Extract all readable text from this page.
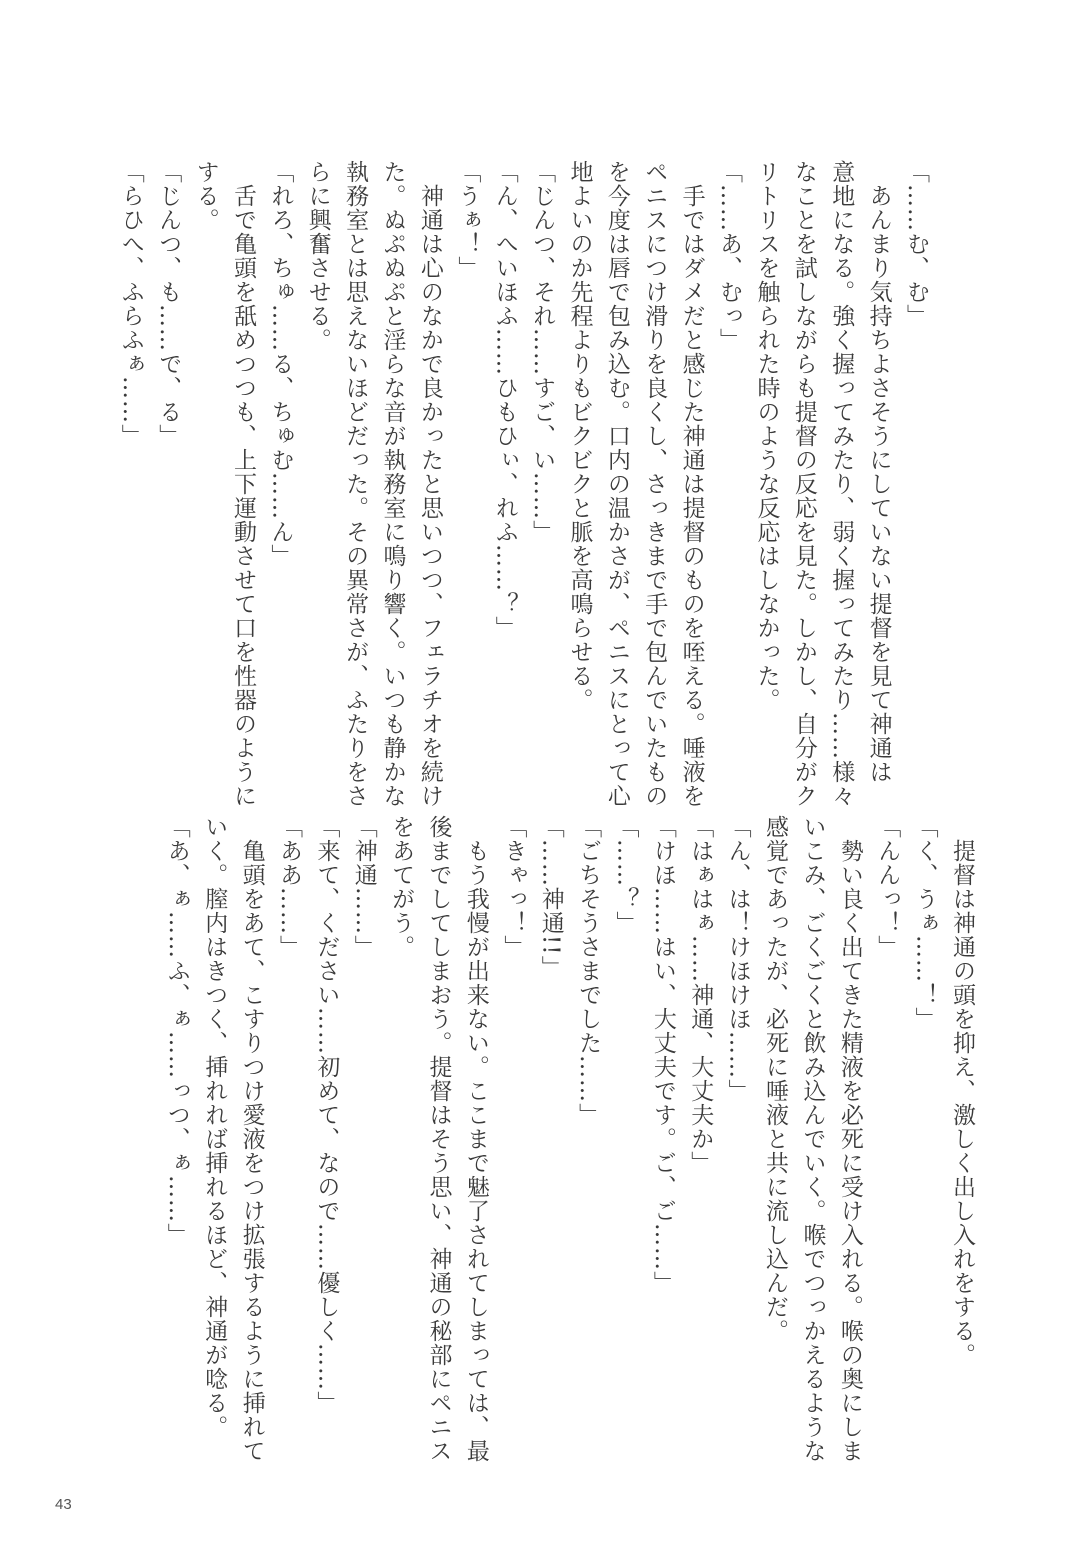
「……む、む」
あんまり気持ちよさそうにしていない提督を見て神通は
意地になる。強く握ってみたり、弱く握ってみたり……様々
なことを試しながらも提督の反応を見た。しかし、自分がク
リトリスを触られた時のような反応はしなかった。
「……あ、むっ」
手ではダメだと感じた神通は提督のものを咥える。唾液を
ペニスにつけ滑りを良くし、さっきまで手で包んでいたもの
を今度は唇で包み込む。口内の温かさが、ペニスにとって心
地よいのか先程よりもビクビクと脈を高鳴らせる。
「じんつ、それ……すご、い……」
「ん、へいほふ……ひもひぃ、れふ……？」
「うぁ！」
神通は心のなかで良かったと思いつつ、フェラチオを続け
た。ぬぷぬぷと淫らな音が執務室に鳴り響く。いつも静かな
執務室とは思えないほどだった。その異常さが、ふたりをさ
らに興奮させる。
「れろ、ちゅ……る、ちゅむ……ん」
舌で亀頭を舐めつつも、上下運動させて口を性器のように
する。
「じんつ、も……で、る」
「らひへ、ふらふぁ……」
提督は神通の頭を抑え、激しく出し入れをする。
「く、うぁ……！」
「んんっ！」
勢い良く出てきた精液を必死に受け入れる。喉の奥にしま
いこみ、ごくごくと飲み込んでいく。喉でつっかえるような
感覚であったが、必死に唾液と共に流し込んだ。
「ん、は！けほけほ……」
「はぁはぁ……神通、大丈夫か」
「けほ……はい、大丈夫です。ご、ご……」
「……？」
「ごちそうさまでした……」
「……神通!!」
「きゃっ！」
もう我慢が出来ない。ここまで魅了されてしまっては、最
後までしてしまおう。提督はそう思い、神通の秘部にペニス
をあてがう。
「神通……」
「来て、ください……初めて、なので……優しく……」
「ああ……」
亀頭をあて、こすりつけ愛液をつけ拡張するように挿れて
いく。膣内はきつく、挿れれば挿れるほど、神通が唸る。
「あ、ぁ……ふ、ぁ……っつ、ぁ……」
43
